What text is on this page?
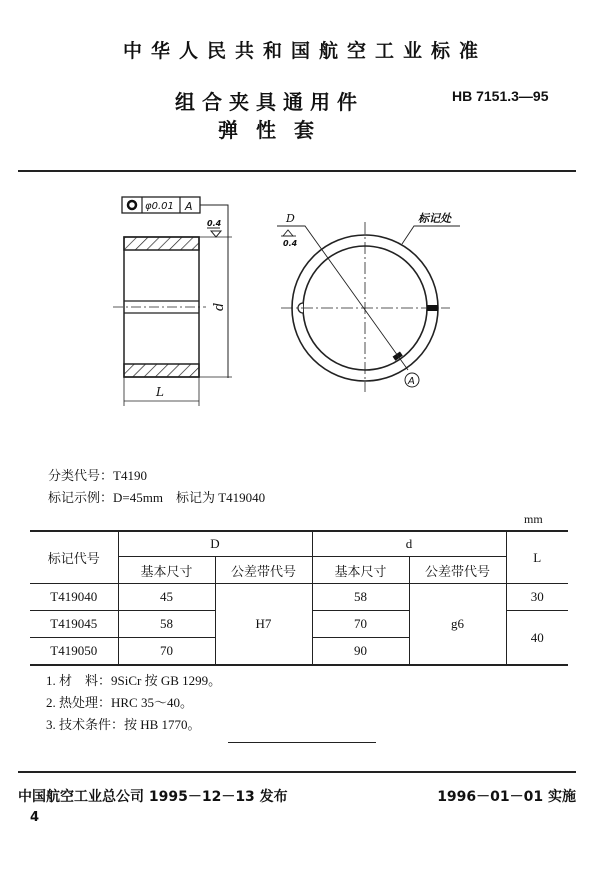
中华人民共和国航空工业标准
组合夹具通用件
弹性套
HB 7151.3—95
φ0.01 A
0.4
d
L
D
0.4
A
标记处
分类代号：T4190
标记示例：D=45mm　标记为 T419040
mm
标记代号	D		d		L
	基本尺寸	公差带代号	基本尺寸	公差带代号	
T419040	45	H7	58	g6	30
T419045	58		70		40
T419050	70		90		
1. 材　料：9SiCr 按 GB 1299。
2. 热处理：HRC 35～40。
3. 技术条件：按 HB 1770。
中国航空工业总公司 1995－12－13 发布	1996－01－01 实施
4
